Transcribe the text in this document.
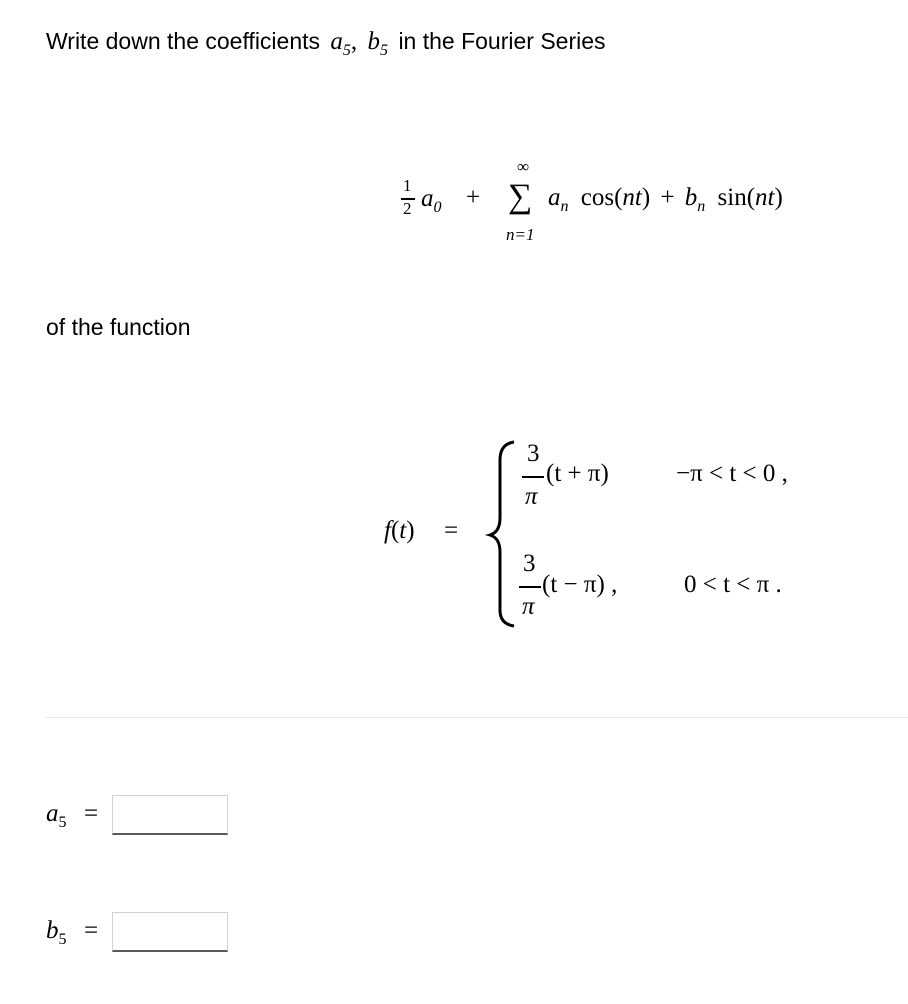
Write down the coefficients $a_5$, $b_5$ in the Fourier Series
1
2 $a_0$ +
∞
∑
n=1
$a_n$ $\cos(nt) + b_n$ sin(nt)
of the function
f(t) =
3
π
(t + π)	−π < t < 0 ,
3
π
(t − π) ,	0 < t < π .
$a_5$ =
$b_5$ =
